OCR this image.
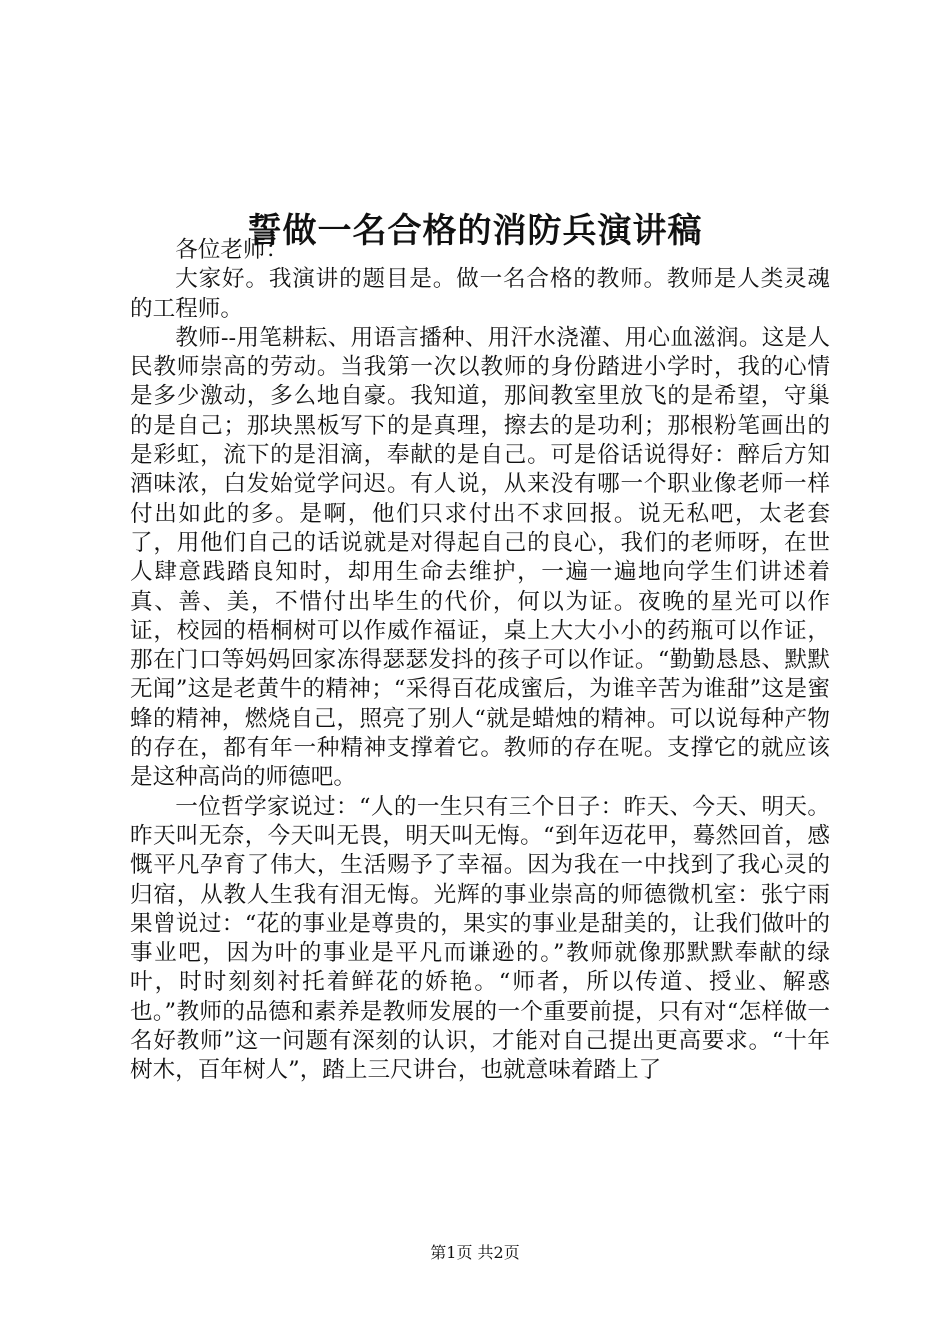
誓做一名合格的消防兵演讲稿

各位老师：

大家好。我演讲的题目是。做一名合格的教师。教师是人类灵魂的工程师。

教师--用笔耕耘、用语言播种、用汗水浇灌、用心血滋润。这是人民教师崇高的劳动。当我第一次以教师的身份踏进小学时，我的心情是多少激动，多么地自豪。我知道，那间教室里放飞的是希望，守巢的是自己；那块黑板写下的是真理，擦去的是功利；那根粉笔画出的是彩虹，流下的是泪滴，奉献的是自己。可是俗话说得好：醉后方知酒味浓，白发始觉学问迟。有人说，从来没有哪一个职业像老师一样付出如此的多。是啊，他们只求付出不求回报。说无私吧，太老套了，用他们自己的话说就是对得起自己的良心，我们的老师呀，在世人肆意践踏良知时，却用生命去维护，一遍一遍地向学生们讲述着真、善、美，不惜付出毕生的代价，何以为证。夜晚的星光可以作证，校园的梧桐树可以作威作福证，桌上大大小小的药瓶可以作证，那在门口等妈妈回家冻得瑟瑟发抖的孩子可以作证。“勤勤恳恳、默默无闻”这是老黄牛的精神；“采得百花成蜜后，为谁辛苦为谁甜”这是蜜蜂的精神，燃烧自己，照亮了别人“就是蜡烛的精神。可以说每种产物的存在，都有年一种精神支撑着它。教师的存在呢。支撑它的就应该是这种高尚的师德吧。

一位哲学家说过：“人的一生只有三个日子：昨天、今天、明天。昨天叫无奈，今天叫无畏，明天叫无悔。“到年迈花甲，蓦然回首，感慨平凡孕育了伟大，生活赐予了幸福。因为我在一中找到了我心灵的归宿，从教人生我有泪无悔。光辉的事业崇高的师德微机室：张宁雨果曾说过：“花的事业是尊贵的，果实的事业是甜美的，让我们做叶的事业吧，因为叶的事业是平凡而谦逊的。”教师就像那默默奉献的绿叶，时时刻刻衬托着鲜花的娇艳。“师者，所以传道、授业、解惑也。”教师的品德和素养是教师发展的一个重要前提，只有对“怎样做一名好教师”这一问题有深刻的认识，才能对自己提出更高要求。“十年树木，百年树人”，踏上三尺讲台，也就意味着踏上了

第1页 共2页
